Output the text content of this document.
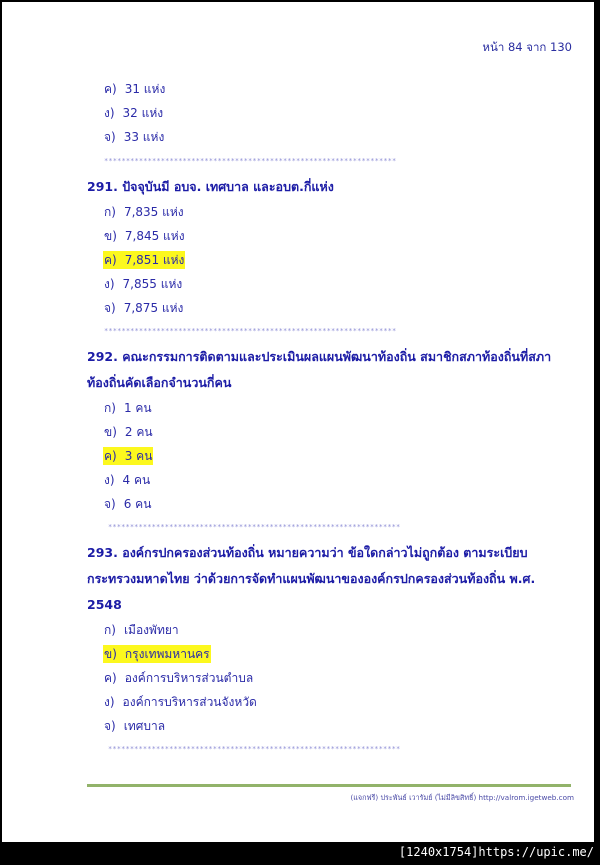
หน้า 84 จาก 130
ค) 31 แห่ง
ง) 32 แห่ง
จ) 33 แห่ง
*******************************************************************
291. ปัจจุบันมี อบจ. เทศบาล และอบต.กี่แห่ง
ก) 7,835 แห่ง
ข) 7,845 แห่ง
ค) 7,851 แห่ง
ง) 7,855 แห่ง
จ) 7,875 แห่ง
*******************************************************************
292. คณะกรรมการติดตามและประเมินผลแผนพัฒนาท้องถิ่น สมาชิกสภาท้องถิ่นที่สภา
ท้องถิ่นคัดเลือกจำนวนกี่คน
ก) 1 คน
ข) 2 คน
ค) 3 คน
ง) 4 คน
จ) 6 คน
*******************************************************************
293. องค์กรปกครองส่วนท้องถิ่น หมายความว่า ข้อใดกล่าวไม่ถูกต้อง ตามระเบียบ
กระทรวงมหาดไทย ว่าด้วยการจัดทำแผนพัฒนาขององค์กรปกครองส่วนท้องถิ่น พ.ศ.
2548
ก) เมืองพัทยา
ข) กรุงเทพมหานคร
ค) องค์การบริหารส่วนตำบล
ง) องค์การบริหารส่วนจังหวัด
จ) เทศบาล
*******************************************************************
(แจกฟรี) ประพันธ์ เวารัมย์ (ไม่มีลิขสิทธิ์) http://valrom.igetweb.com
[1240x1754]https://upic.me/
